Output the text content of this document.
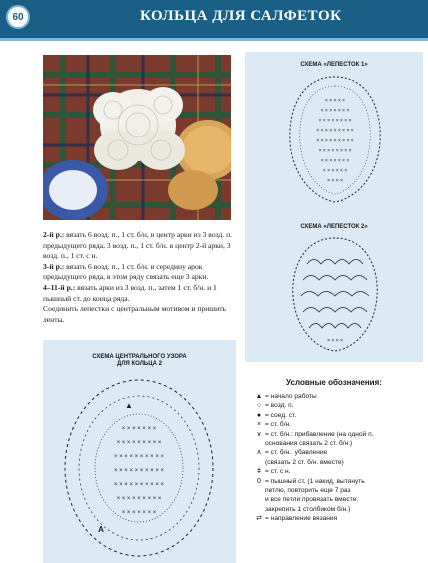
60	КОЛЬЦА ДЛЯ САЛФЕТОК

2-й р.: вязать 6 возд. п., 1 ст. б/н, в центр арки из 3 возд. п. предыдущего ряда, 3 возд. п., 1 ст. б/н. в центр 2-й арки, 3 возд. п., 1 ст. с н.

3-й р.: вязать 6 возд. п., 1 ст. б/н. в середину арок предыдущего ряда, в этом ряду связать еще 3 арки.

4–11-й р.: вязать арки из 3 возд. п., затем 1 ст. б/н. и 1 пышный ст. до конца ряда.

Соединить лепестки с центральным мотивом и пришить ленты.

СХЕМА «ЛЕПЕСТОК 1»
× × × × ×
× × × × × × ×
× × × × × × × ×
× × × × × × × × ×
× × × × × × × × ×
× × × × × × × ×
× × × × × × ×
× × × × × ×
× × × ×
СХЕМА «ЛЕПЕСТОК 2»
× × × ×
СХЕМА ЦЕНТРАЛЬНОГО УЗОРА
ДЛЯ КОЛЬЦА 2
× × × × × × ×
× × × × × × × × ×
× × × × × × × × × ×
× × × × × × × × × ×
× × × × × × × × × ×
× × × × × × × × ×
× × × × × × ×
A
▲
Условные обозначения:
▲ = начало работы
○ = возд. п.
● = соед. ст.
× = ст. б/н.
∨ = ст. б/н.: прибавление (на одной п.
основания связать 2 ст. б/н.)
∧ = ст. б/н.: убавление
(связать 2 ст. б/н. вместе)
ǂ = ст. с н.
0 = пышный ст. (1 накид, вытянуть
петлю, повторить еще 7 раз
и все петли провязать вместе,
закрепить 1 столбиком б/н.)
⇄ = направление вязания
